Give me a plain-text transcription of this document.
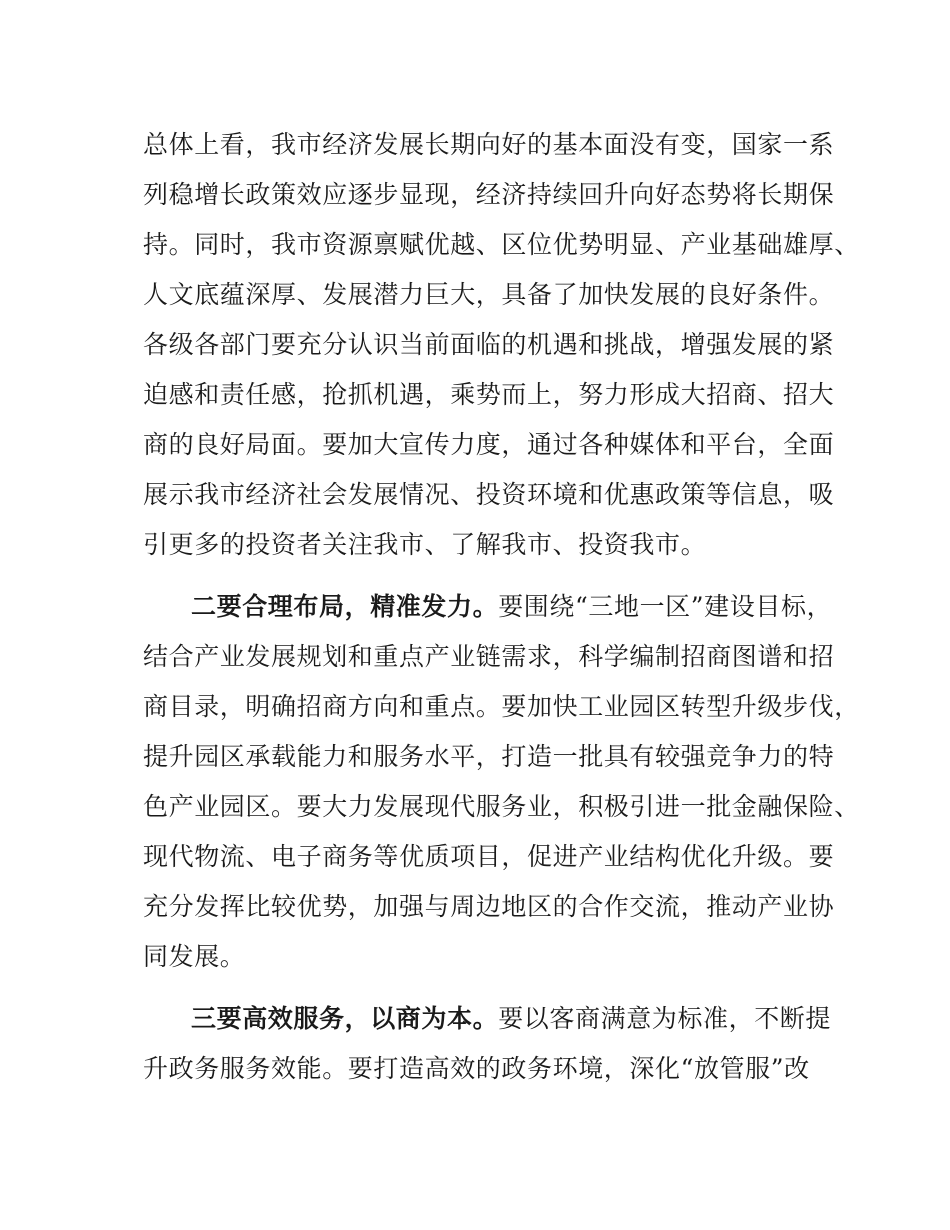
总体上看，我市经济发展长期向好的基本面没有变，国家一系
列稳增长政策效应逐步显现，经济持续回升向好态势将长期保
持。同时，我市资源禀赋优越、区位优势明显、产业基础雄厚、
人文底蕴深厚、发展潜力巨大，具备了加快发展的良好条件。
各级各部门要充分认识当前面临的机遇和挑战，增强发展的紧
迫感和责任感，抢抓机遇，乘势而上，努力形成大招商、招大
商的良好局面。要加大宣传力度，通过各种媒体和平台，全面
展示我市经济社会发展情况、投资环境和优惠政策等信息，吸
引更多的投资者关注我市、了解我市、投资我市。
二要合理布局，精准发力。要围绕“三地一区”建设目标，
结合产业发展规划和重点产业链需求，科学编制招商图谱和招
商目录，明确招商方向和重点。要加快工业园区转型升级步伐，
提升园区承载能力和服务水平，打造一批具有较强竞争力的特
色产业园区。要大力发展现代服务业，积极引进一批金融保险、
现代物流、电子商务等优质项目，促进产业结构优化升级。要
充分发挥比较优势，加强与周边地区的合作交流，推动产业协
同发展。
三要高效服务，以商为本。要以客商满意为标准，不断提
升政务服务效能。要打造高效的政务环境，深化“放管服”改
